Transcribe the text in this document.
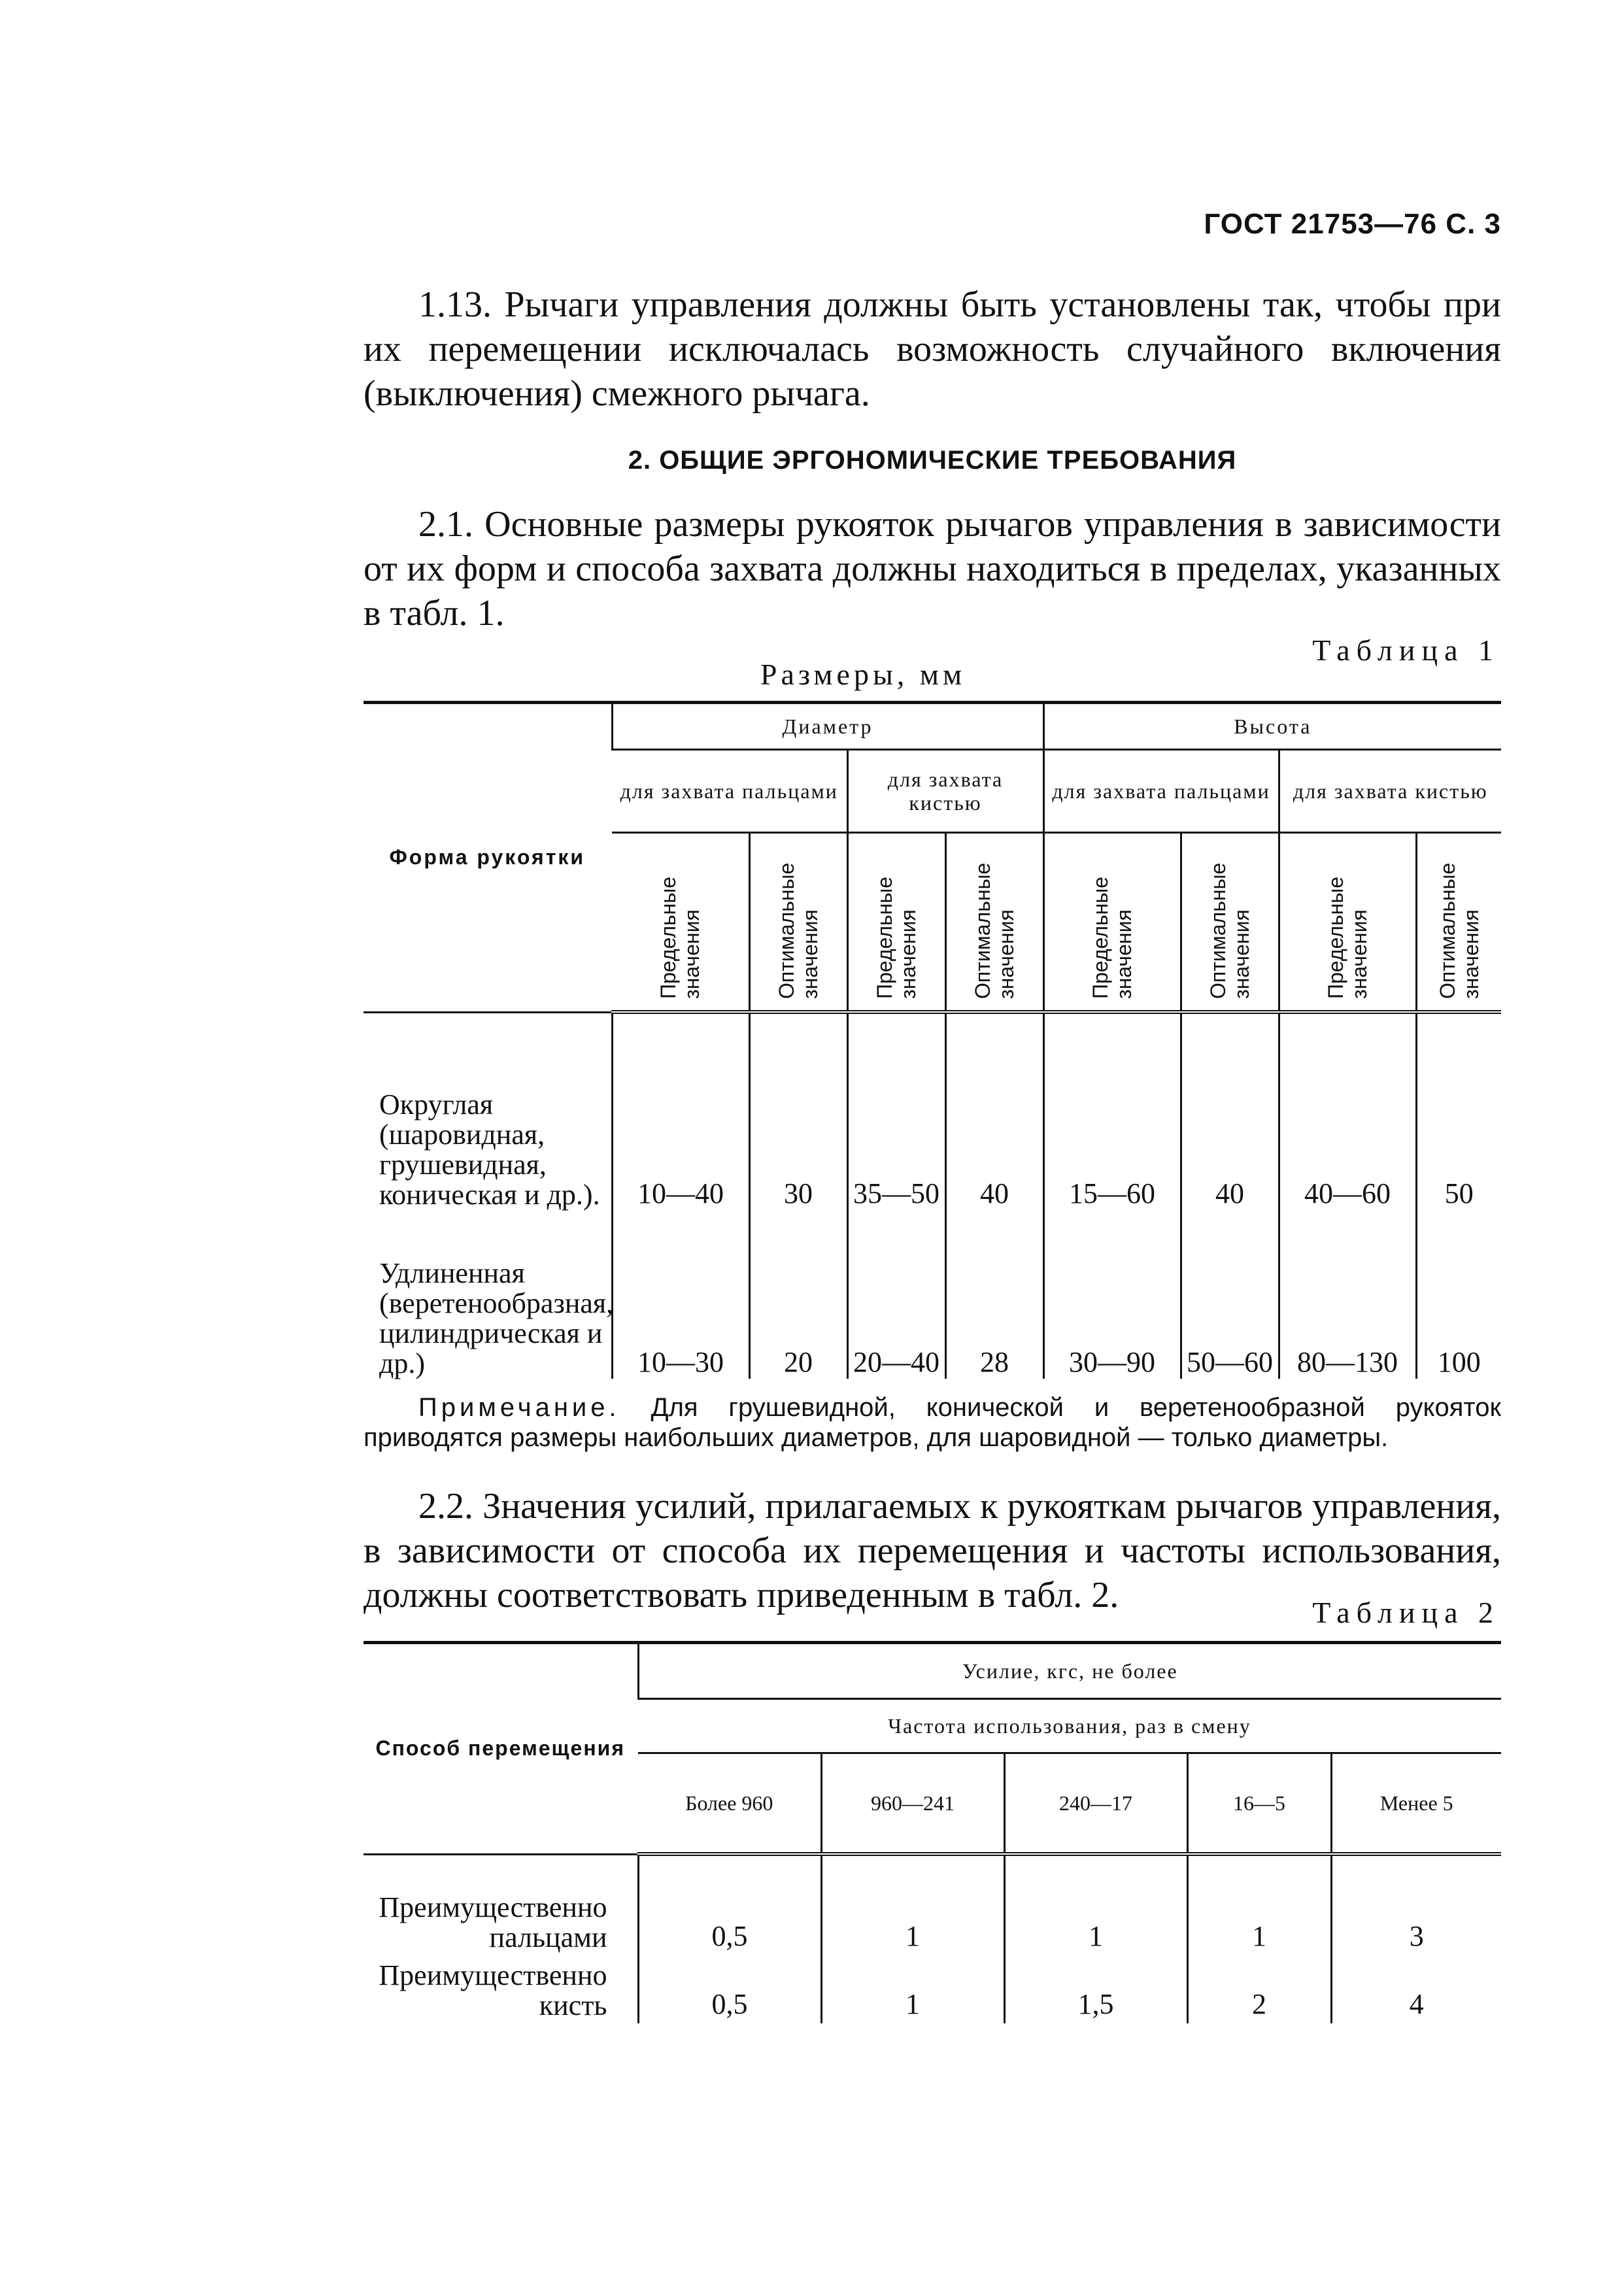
ГОСТ 21753—76 С. 3

1.13. Рычаги управления должны быть установлены так, чтобы при их перемещении исключалась возможность случайного включения (выключения) смежного рычага.

2. ОБЩИЕ ЭРГОНОМИЧЕСКИЕ ТРЕБОВАНИЯ

2.1. Основные размеры рукояток рычагов управления в зависимости от их форм и способа захвата должны находиться в пределах, указанных в табл. 1.

Таблица 1
Размеры, мм
Форма рукоятки	Диаметр				Высота			
	для захвата пальцами		для захвата кистью		для захвата пальцами		для захвата кистью	
	Предельные значения	Оптимальные значения	Предельные значения	Оптимальные значения	Предельные значения	Оптимальные значения	Предельные значения	Оптимальные значения
Округлая (шаровидная, грушевидная, коническая и др.).	10—40	30	35—50	40	15—60	40	40—60	50
Удлиненная (веретенообразная, цилиндрическая и др.)	10—30	20	20—40	28	30—90	50—60	80—130	100

Примечание. Для грушевидной, конической и веретенообразной рукояток приводятся размеры наибольших диаметров, для шаровидной — только диаметры.

2.2. Значения усилий, прилагаемых к рукояткам рычагов управления, в зависимости от способа их перемещения и частоты использования, должны соответствовать приведенным в табл. 2.	Таблица 2
Способ перемещения	Усилие, кгс, не более				
	Частота использования, раз в смену				
	Более 960	960—241	240—17	16—5	Менее 5
Преимущественно пальцами	0,5	1	1	1	3
Преимущественно кисть	0,5	1	1,5	2	4
